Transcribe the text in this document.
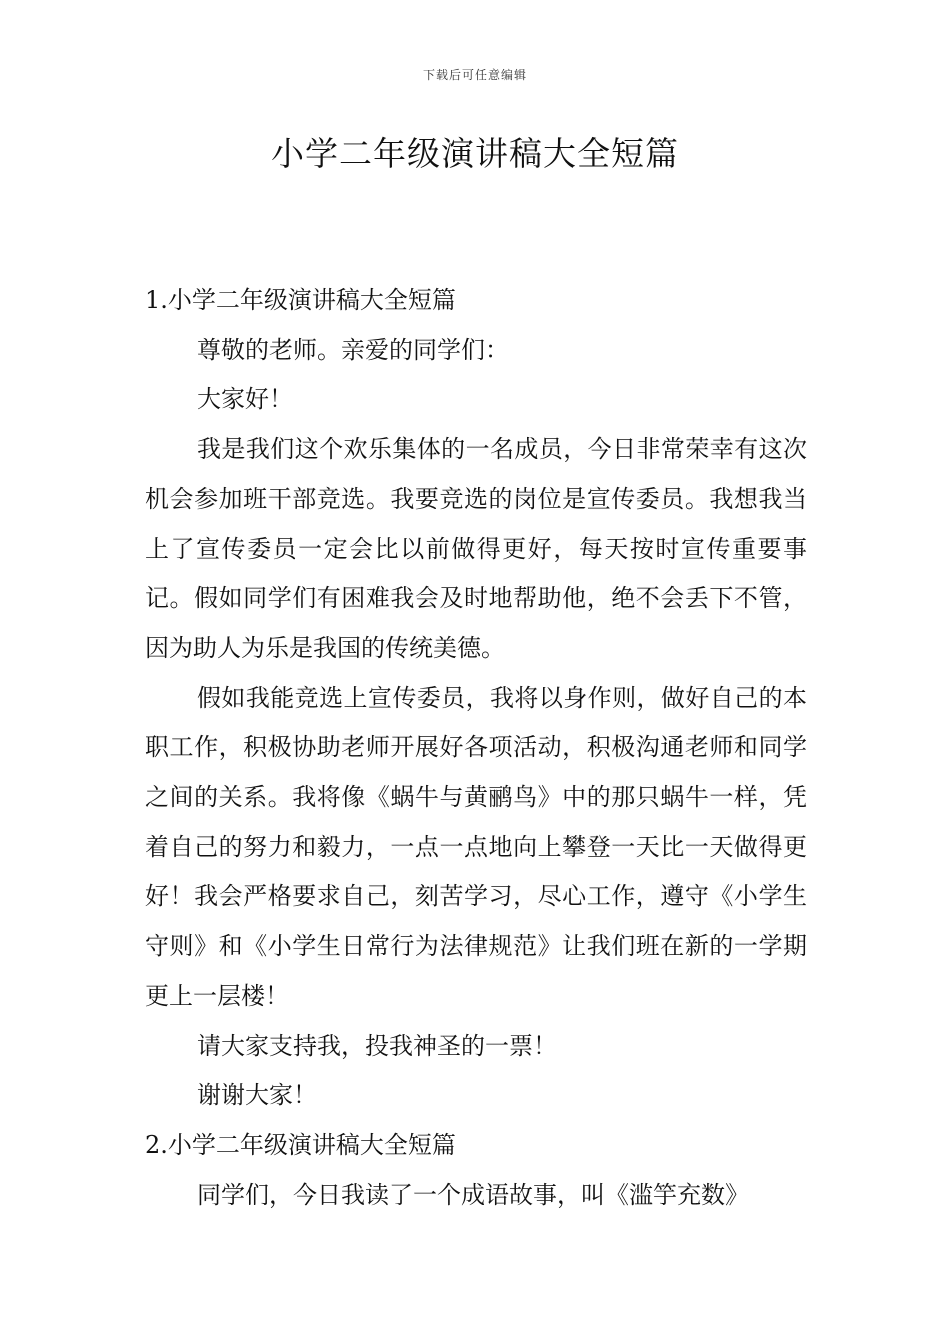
下载后可任意编辑
小学二年级演讲稿大全短篇

1.小学二年级演讲稿大全短篇

尊敬的老师。亲爱的同学们：

大家好！

我是我们这个欢乐集体的一名成员，今日非常荣幸有这次机会参加班干部竞选。我要竞选的岗位是宣传委员。我想我当上了宣传委员一定会比以前做得更好，每天按时宣传重要事记。假如同学们有困难我会及时地帮助他，绝不会丢下不管，因为助人为乐是我国的传统美德。

假如我能竞选上宣传委员，我将以身作则，做好自己的本职工作，积极协助老师开展好各项活动，积极沟通老师和同学之间的关系。我将像《蜗牛与黄鹂鸟》中的那只蜗牛一样，凭着自己的努力和毅力，一点一点地向上攀登一天比一天做得更好！我会严格要求自己，刻苦学习，尽心工作，遵守《小学生守则》和《小学生日常行为法律规范》让我们班在新的一学期更上一层楼！

请大家支持我，投我神圣的一票！

谢谢大家！

2.小学二年级演讲稿大全短篇

同学们，今日我读了一个成语故事，叫《滥竽充数》
